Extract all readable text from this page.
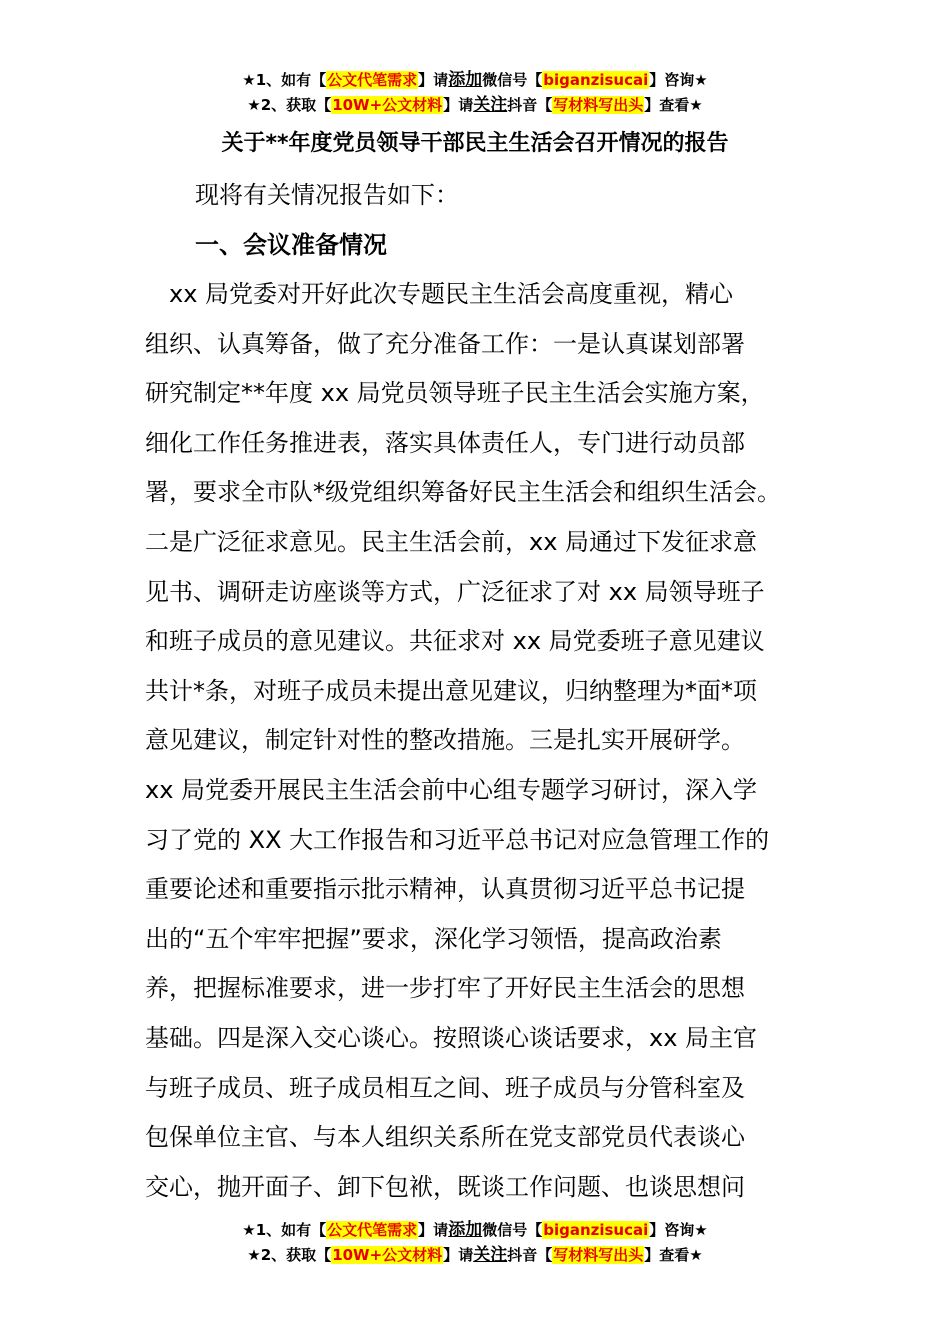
★1、如有【公文代笔需求】请添加微信号【biganzisucai】咨询★
★2、获取【10W+公文材料】请关注抖音【写材料写出头】查看★
关于**年度党员领导干部民主生活会召开情况的报告
现将有关情况报告如下：
一、会议准备情况
　xx 局党委对开好此次专题民主生活会高度重视，精心
组织、认真筹备，做了充分准备工作：一是认真谋划部署
研究制定**年度 xx 局党员领导班子民主生活会实施方案，
细化工作任务推进表，落实具体责任人，专门进行动员部
署，要求全市队*级党组织筹备好民主生活会和组织生活会。
二是广泛征求意见。民主生活会前，xx 局通过下发征求意
见书、调研走访座谈等方式，广泛征求了对 xx 局领导班子
和班子成员的意见建议。共征求对 xx 局党委班子意见建议
共计*条，对班子成员未提出意见建议，归纳整理为*面*项
意见建议，制定针对性的整改措施。三是扎实开展研学。
xx 局党委开展民主生活会前中心组专题学习研讨，深入学
习了党的 XX 大工作报告和习近平总书记对应急管理工作的
重要论述和重要指示批示精神，认真贯彻习近平总书记提
出的“五个牢牢把握”要求，深化学习领悟，提高政治素
养，把握标准要求，进一步打牢了开好民主生活会的思想
基础。四是深入交心谈心。按照谈心谈话要求，xx 局主官
与班子成员、班子成员相互之间、班子成员与分管科室及
包保单位主官、与本人组织关系所在党支部党员代表谈心
交心，抛开面子、卸下包袱，既谈工作问题、也谈思想问
★1、如有【公文代笔需求】请添加微信号【biganzisucai】咨询★
★2、获取【10W+公文材料】请关注抖音【写材料写出头】查看★
